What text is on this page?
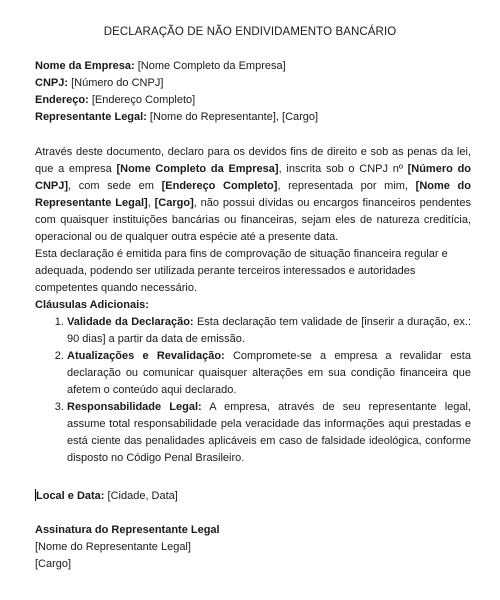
DECLARAÇÃO DE NÃO ENDIVIDAMENTO BANCÁRIO
Nome da Empresa: [Nome Completo da Empresa]
CNPJ: [Número do CNPJ]
Endereço: [Endereço Completo]
Representante Legal: [Nome do Representante], [Cargo]

Através deste documento, declaro para os devidos fins de direito e sob as penas da lei, que a empresa [Nome Completo da Empresa], inscrita sob o CNPJ nº [Número do CNPJ], com sede em [Endereço Completo], representada por mim, [Nome do Representante Legal], [Cargo], não possui dívidas ou encargos financeiros pendentes com quaisquer instituições bancárias ou financeiras, sejam eles de natureza creditícia, operacional ou de qualquer outra espécie até a presente data.

Esta declaração é emitida para fins de comprovação de situação financeira regular e adequada, podendo ser utilizada perante terceiros interessados e autoridades competentes quando necessário.

Cláusulas Adicionais:

1. Validade da Declaração: Esta declaração tem validade de [inserir a duração, ex.: 90 dias] a partir da data de emissão.
2. Atualizações e Revalidação: Compromete-se a empresa a revalidar esta declaração ou comunicar quaisquer alterações em sua condição financeira que afetem o conteúdo aqui declarado.
3. Responsabilidade Legal: A empresa, através de seu representante legal, assume total responsabilidade pela veracidade das informações aqui prestadas e está ciente das penalidades aplicáveis em caso de falsidade ideológica, conforme disposto no Código Penal Brasileiro.
Local e Data: [Cidade, Data]
Assinatura do Representante Legal
[Nome do Representante Legal]
[Cargo]
